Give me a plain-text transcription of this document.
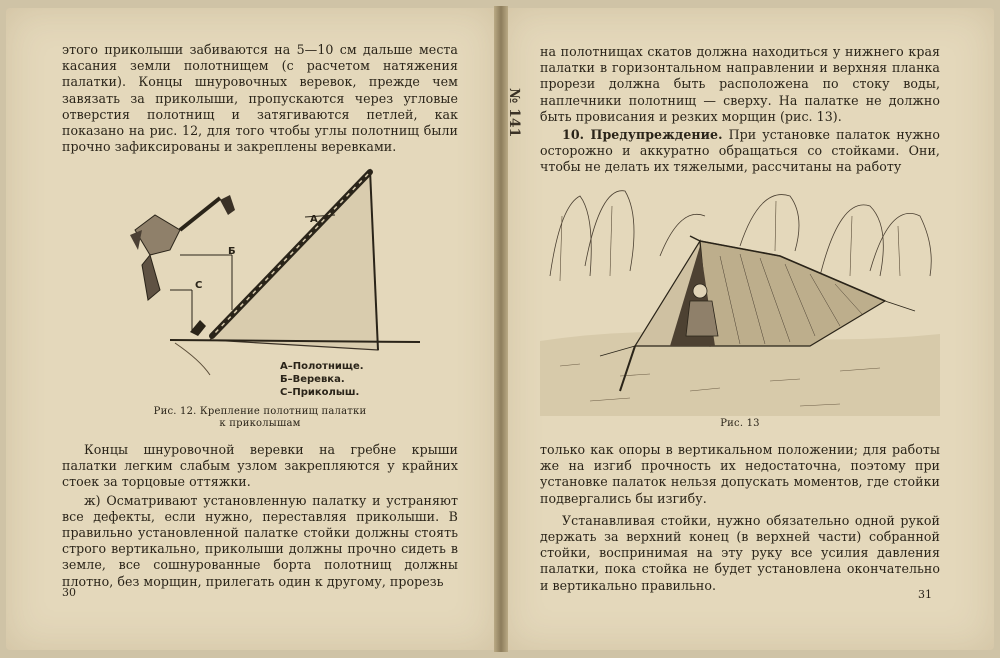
этого приколыши забиваются на 5—10 см дальше места касания земли полотнищем (с расчетом натяжения палатки). Концы шнуровочных веревок, прежде чем завязать за приколыши, пропускаются через угловые отверстия полотнищ и затягиваются петлей, как показано на рис. 12, для того чтобы углы полотнищ были прочно зафиксированы и закреплены веревками.

А
Б
С
А–Полотнище.
Б–Веревка.
С–Приколыш.
Рис. 12. Крепление полотнищ палатки
к приколышам

Концы шнуровочной веревки на гребне крыши палатки легким слабым узлом закрепляются у крайних стоек за торцовые оттяжки.

ж) Осматривают установленную палатку и устраняют все дефекты, если нужно, переставляя приколыши. В правильно установленной палатке стойки должны стоять строго вертикально, приколыши должны прочно сидеть в земле, все сошнурованные борта полотнищ должны плотно, без морщин, прилегать один к другому, прорезь

30
№ 141

на полотнищах скатов должна находиться у нижнего края палатки в горизонтальном направлении и верхняя планка прорези должна быть расположена по стоку воды, наплечники полотнищ — сверху. На палатке не должно быть провисания и резких морщин (рис. 13).

10. Предупреждение. При установке палаток нужно осторожно и аккуратно обращаться со стойками. Они, чтобы не делать их тяжелыми, рассчитаны на работу

Рис. 13

только как опоры в вертикальном положении; для работы же на изгиб прочность их недостаточна, поэтому при установке палаток нельзя допускать моментов, где стойки подвергались бы изгибу.

Устанавливая стойки, нужно обязательно одной рукой держать за верхний конец (в верхней части) собранной стойки, воспринимая на эту руку все усилия давления палатки, пока стойка не будет установлена окончательно и вертикально правильно.

31
